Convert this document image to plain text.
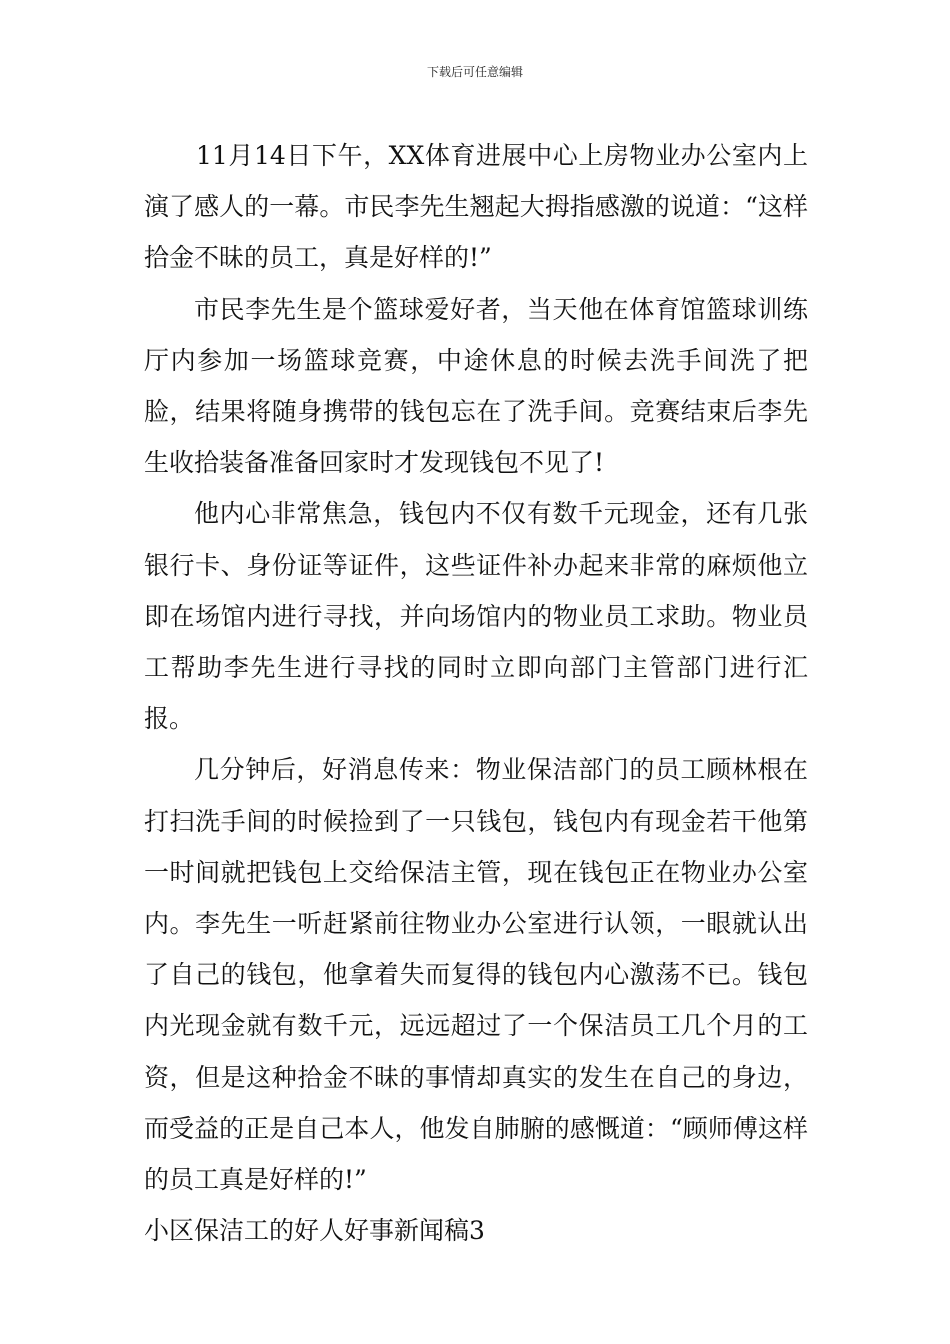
下载后可任意编辑

11月14日下午，XX体育进展中心上房物业办公室内上演了感人的一幕。市民李先生翘起大拇指感激的说道：“这样拾金不昧的员工，真是好样的!”

市民李先生是个篮球爱好者，当天他在体育馆篮球训练厅内参加一场篮球竞赛，中途休息的时候去洗手间洗了把脸，结果将随身携带的钱包忘在了洗手间。竞赛结束后李先生收拾装备准备回家时才发现钱包不见了!

他内心非常焦急，钱包内不仅有数千元现金，还有几张银行卡、身份证等证件，这些证件补办起来非常的麻烦他立即在场馆内进行寻找，并向场馆内的物业员工求助。物业员工帮助李先生进行寻找的同时立即向部门主管部门进行汇报。

几分钟后，好消息传来：物业保洁部门的员工顾林根在打扫洗手间的时候捡到了一只钱包，钱包内有现金若干他第一时间就把钱包上交给保洁主管，现在钱包正在物业办公室内。李先生一听赶紧前往物业办公室进行认领，一眼就认出了自己的钱包，他拿着失而复得的钱包内心激荡不已。钱包内光现金就有数千元，远远超过了一个保洁员工几个月的工资，但是这种拾金不昧的事情却真实的发生在自己的身边，而受益的正是自己本人，他发自肺腑的感慨道：“顾师傅这样的员工真是好样的!”

小区保洁工的好人好事新闻稿3
